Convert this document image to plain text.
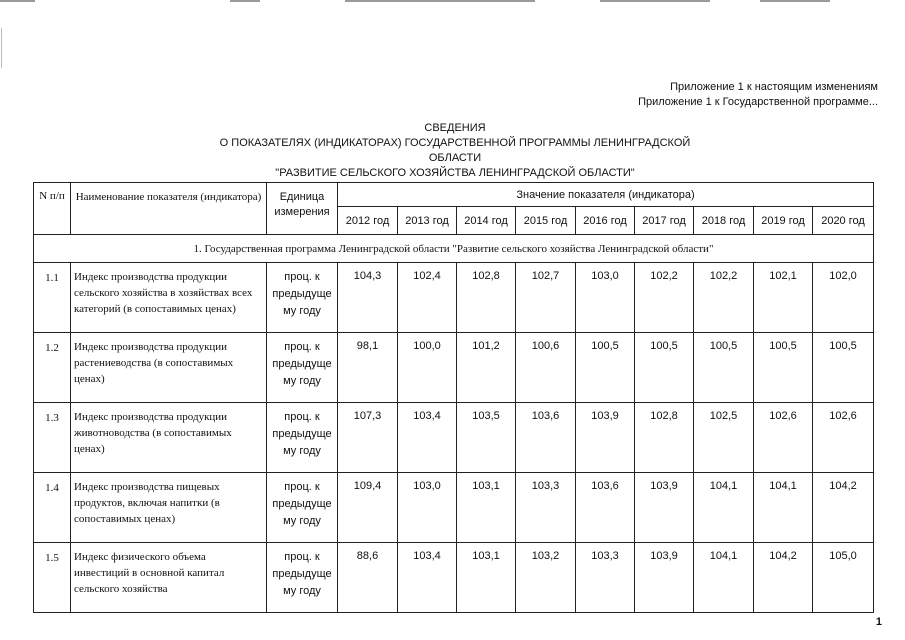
Приложение 1 к настоящим изменениям
Приложение 1 к Государственной программе...
СВЕДЕНИЯ
О ПОКАЗАТЕЛЯХ (ИНДИКАТОРАХ) ГОСУДАРСТВЕННОЙ ПРОГРАММЫ ЛЕНИНГРАДСКОЙ ОБЛАСТИ
"РАЗВИТИЕ СЕЛЬСКОГО ХОЗЯЙСТВА ЛЕНИНГРАДСКОЙ ОБЛАСТИ"
N п/п	Наименование показателя (индикатора)	Единица измерения	Значение показателя (индикатора)								
			2012 год	2013 год	2014 год	2015 год	2016 год	2017 год	2018 год	2019 год	2020 год
1. Государственная программа Ленинградской области "Развитие сельского хозяйства Ленинградской области"											
1.1	Индекс производства продукции сельского хозяйства в хозяйствах всех категорий (в сопоставимых ценах)	проц. к предыдуще му году	104,3	102,4	102,8	102,7	103,0	102,2	102,2	102,1	102,0
1.2	Индекс производства продукции растениеводства (в сопоставимых ценах)	проц. к предыдуще му году	98,1	100,0	101,2	100,6	100,5	100,5	100,5	100,5	100,5
1.3	Индекс производства продукции животноводства (в сопоставимых ценах)	проц. к предыдуще му году	107,3	103,4	103,5	103,6	103,9	102,8	102,5	102,6	102,6
1.4	Индекс производства пищевых продуктов, включая напитки (в сопоставимых ценах)	проц. к предыдуще му году	109,4	103,0	103,1	103,3	103,6	103,9	104,1	104,1	104,2
1.5	Индекс физического объема инвестиций в основной капитал сельского хозяйства	проц. к предыдуще му году	88,6	103,4	103,1	103,2	103,3	103,9	104,1	104,2	105,0
1
